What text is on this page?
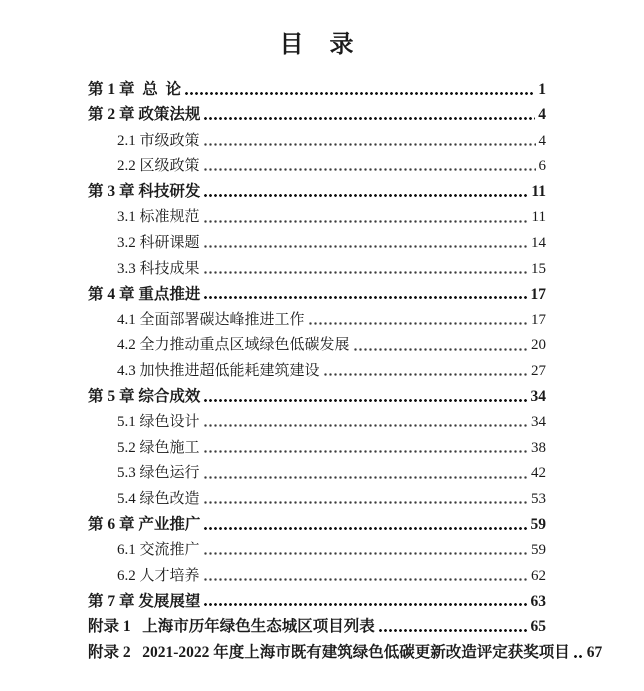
目　录
第 1 章  总  论	1
第 2 章 政策法规	4
2.1 市级政策	4
2.2 区级政策	6
第 3 章 科技研发	11
3.1 标准规范	11
3.2 科研课题	14
3.3 科技成果	15
第 4 章 重点推进	17
4.1 全面部署碳达峰推进工作	17
4.2 全力推动重点区域绿色低碳发展	20
4.3 加快推进超低能耗建筑建设	27
第 5 章 综合成效	34
5.1 绿色设计	34
5.2 绿色施工	38
5.3 绿色运行	42
5.4 绿色改造	53
第 6 章 产业推广	59
6.1 交流推广	59
6.2 人才培养	62
第 7 章 发展展望	63
附录 1   上海市历年绿色生态城区项目列表	65
附录 2   2021-2022 年度上海市既有建筑绿色低碳更新改造评定获奖项目 67
